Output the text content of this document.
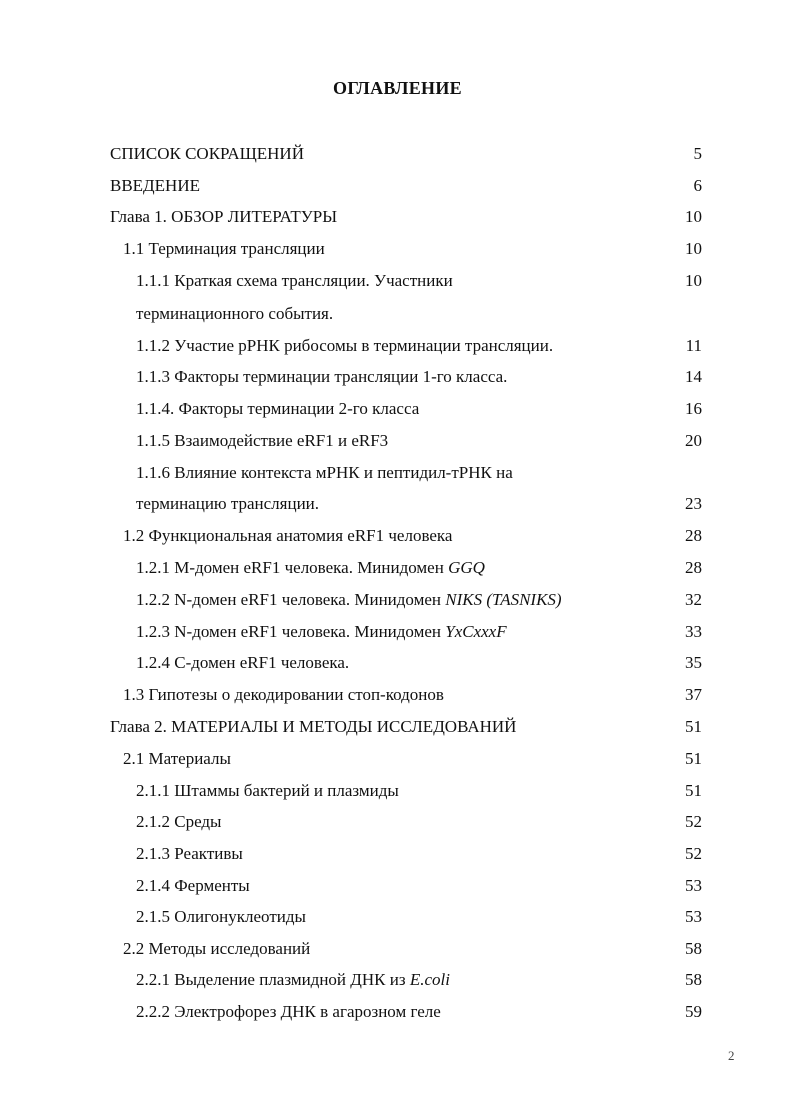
ОГЛАВЛЕНИЕ
СПИСОК СОКРАЩЕНИЙ	5
ВВЕДЕНИЕ	6
Глава 1. ОБЗОР ЛИТЕРАТУРЫ	10
1.1 Терминация трансляции	10
1.1.1 Краткая схема трансляции. Участники	10
терминационного события.
1.1.2 Участие рРНК рибосомы в терминации трансляции.	11
1.1.3 Факторы терминации трансляции 1-го класса.	14
1.1.4. Факторы терминации 2-го класса	16
1.1.5 Взаимодействие eRF1 и eRF3	20
1.1.6 Влияние контекста мРНК и пептидил-тРНК на
терминацию трансляции.	23
1.2 Функциональная анатомия eRF1 человека	28
1.2.1 М-домен eRF1 человека. Минидомен GGQ	28
1.2.2 N-домен eRF1 человека. Минидомен NIKS (TASNIKS)	32
1.2.3 N-домен eRF1 человека. Минидомен YxCxxxF	33
1.2.4 С-домен eRF1 человека.	35
1.3 Гипотезы о декодировании стоп-кодонов	37
Глава 2. МАТЕРИАЛЫ И МЕТОДЫ ИССЛЕДОВАНИЙ	51
2.1 Материалы	51
2.1.1 Штаммы бактерий и плазмиды	51
2.1.2 Среды	52
2.1.3 Реактивы	52
2.1.4 Ферменты	53
2.1.5 Олигонуклеотиды	53
2.2 Методы исследований	58
2.2.1 Выделение плазмидной ДНК из E.coli	58
2.2.2 Электрофорез ДНК в агарозном геле	59
2
